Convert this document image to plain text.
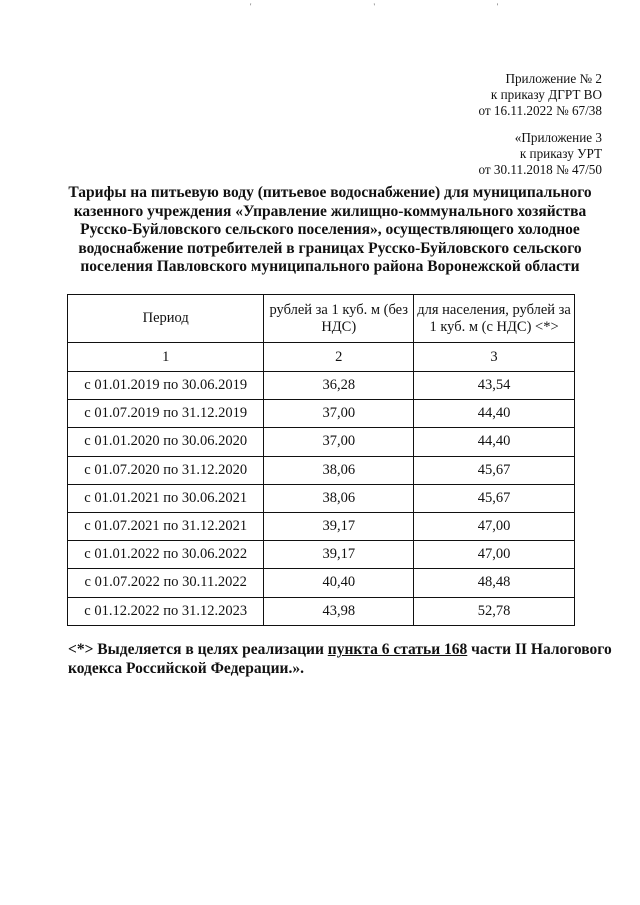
' ' '
Приложение № 2
к приказу ДГРТ ВО
от 16.11.2022 № 67/38
«Приложение 3
к приказу УРТ
от 30.11.2018 № 47/50
Тарифы на питьевую воду (питьевое водоснабжение) для муниципального казенного учреждения «Управление жилищно-коммунального хозяйства Русско-Буйловского сельского поселения», осуществляющего холодное водоснабжение потребителей в границах Русско-Буйловского сельского поселения Павловского муниципального района Воронежской области
Период	рублей за 1 куб. м (без НДС)	для населения, рублей за 1 куб. м (с НДС) <*>
1	2	3
с 01.01.2019 по 30.06.2019	36,28	43,54
с 01.07.2019 по 31.12.2019	37,00	44,40
с 01.01.2020 по 30.06.2020	37,00	44,40
с 01.07.2020 по 31.12.2020	38,06	45,67
с 01.01.2021 по 30.06.2021	38,06	45,67
с 01.07.2021 по 31.12.2021	39,17	47,00
с 01.01.2022 по 30.06.2022	39,17	47,00
с 01.07.2022 по 30.11.2022	40,40	48,48
с 01.12.2022 по 31.12.2023	43,98	52,78
<*> Выделяется в целях реализации пункта 6 статьи 168 части II Налогового кодекса Российской Федерации.».
